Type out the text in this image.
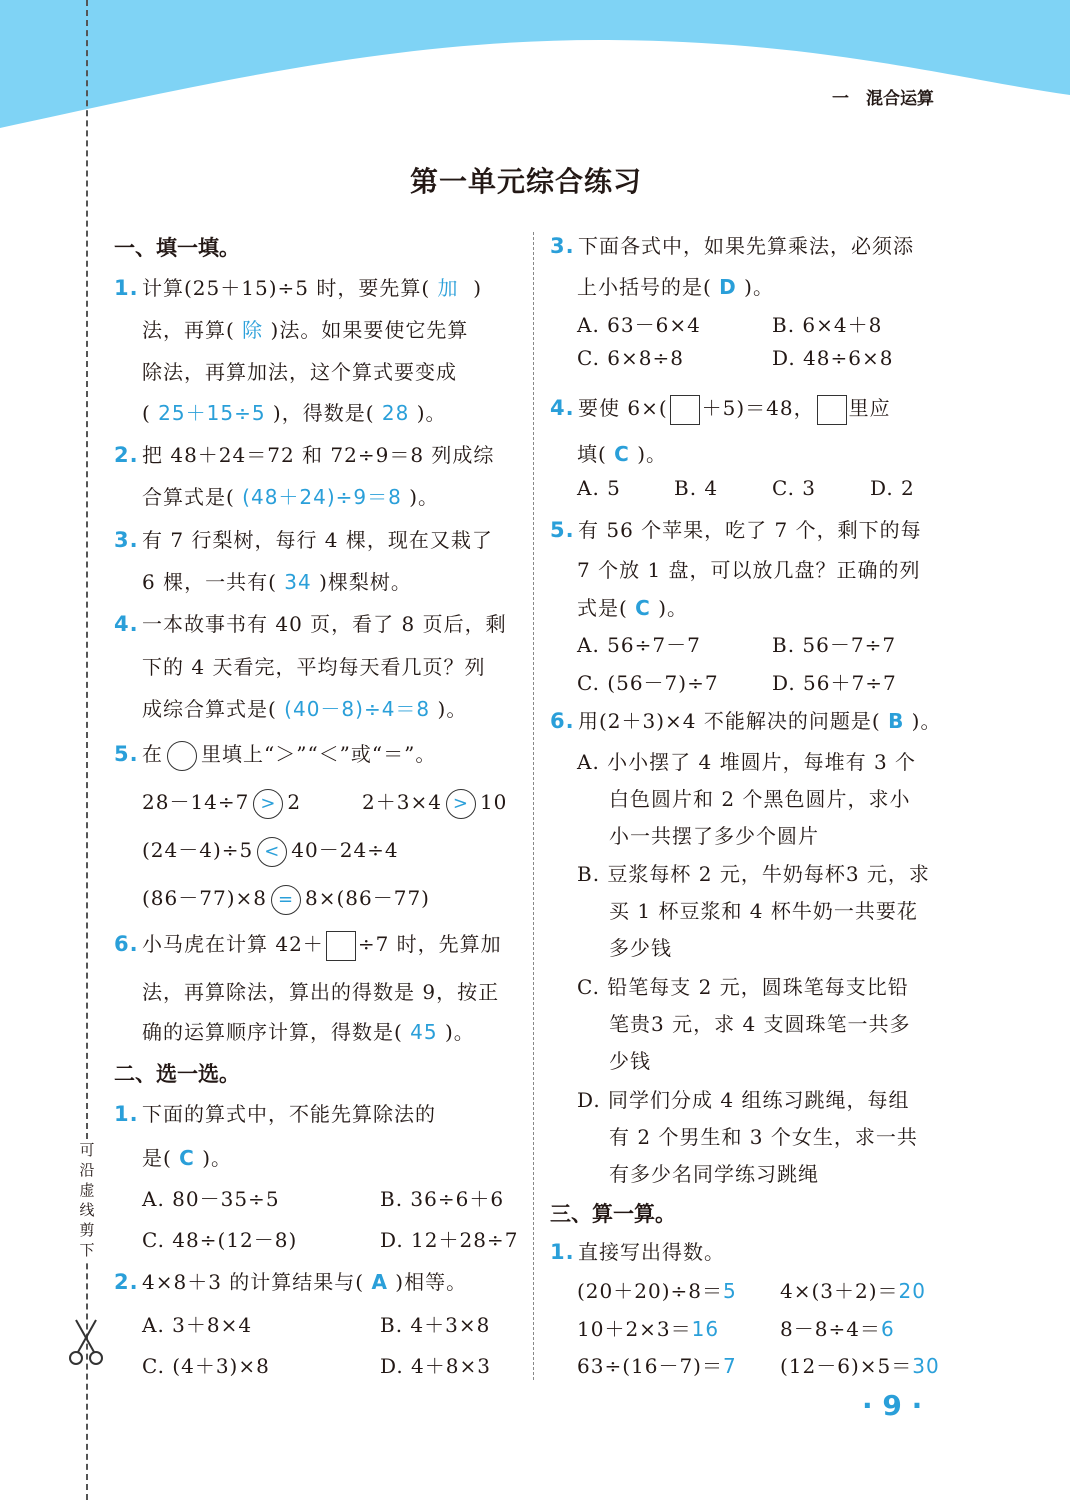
一　混合运算
可
沿
虚
线
剪
下
第一单元综合练习
一、填一填。
1. 计算(25＋15)÷5 时，要先算( 加 )
法，再算( 除 )法。如果要使它先算
除法，再算加法，这个算式要变成
( 25＋15÷5 )，得数是( 28 )。
2. 把 48＋24＝72 和 72÷9＝8 列成综
合算式是( (48＋24)÷9＝8 )。
3. 有 7 行梨树，每行 4 棵，现在又栽了
6 棵，一共有( 34 )棵梨树。
4. 一本故事书有 40 页，看了 8 页后，剩
下的 4 天看完，平均每天看几页？列
成综合算式是( (40－8)÷4＝8 )。
5. 在 里填上“＞”“＜”或“＝”。
28－14÷7 > 2	2＋3×4 > 10
(24－4)÷5 < 40－24÷4
(86－77)×8 = 8×(86－77)
6. 小马虎在计算 42＋ ÷7 时，先算加
法，再算除法，算出的得数是 9，按正
确的运算顺序计算，得数是( 45 )。
二、选一选。
1. 下面的算式中，不能先算除法的
是( C )。
A. 80－35÷5	B. 36÷6＋6
C. 48÷(12－8)	D. 12＋28÷7
2. 4×8＋3 的计算结果与( A )相等。
A. 3＋8×4	B. 4＋3×8
C. (4＋3)×8	D. 4＋8×3
3. 下面各式中，如果先算乘法，必须添
上小括号的是( D )。
A. 63－6×4	B. 6×4＋8
C. 6×8÷8	D. 48÷6×8
4. 要使 6×( ＋5)＝48， 里应
填( C )。
A. 5	B. 4	C. 3	D. 2
5. 有 56 个苹果，吃了 7 个，剩下的每
7 个放 1 盘，可以放几盘？正确的列
式是( C )。
A. 56÷7－7	B. 56－7÷7
C. (56－7)÷7	D. 56＋7÷7
6. 用(2＋3)×4 不能解决的问题是( B )。
A. 小小摆了 4 堆圆片，每堆有 3 个
白色圆片和 2 个黑色圆片，求小
小一共摆了多少个圆片
B. 豆浆每杯 2 元，牛奶每杯3 元，求
买 1 杯豆浆和 4 杯牛奶一共要花
多少钱
C. 铅笔每支 2 元，圆珠笔每支比铅
笔贵3 元，求 4 支圆珠笔一共多
少钱
D. 同学们分成 4 组练习跳绳，每组
有 2 个男生和 3 个女生，求一共
有多少名同学练习跳绳
三、算一算。
1. 直接写出得数。
(20＋20)÷8＝5 4×(3＋2)＝20
10＋2×3＝16	8－8÷4＝6
63÷(16－7)＝7 (12－6)×5＝30
· 9 ·
